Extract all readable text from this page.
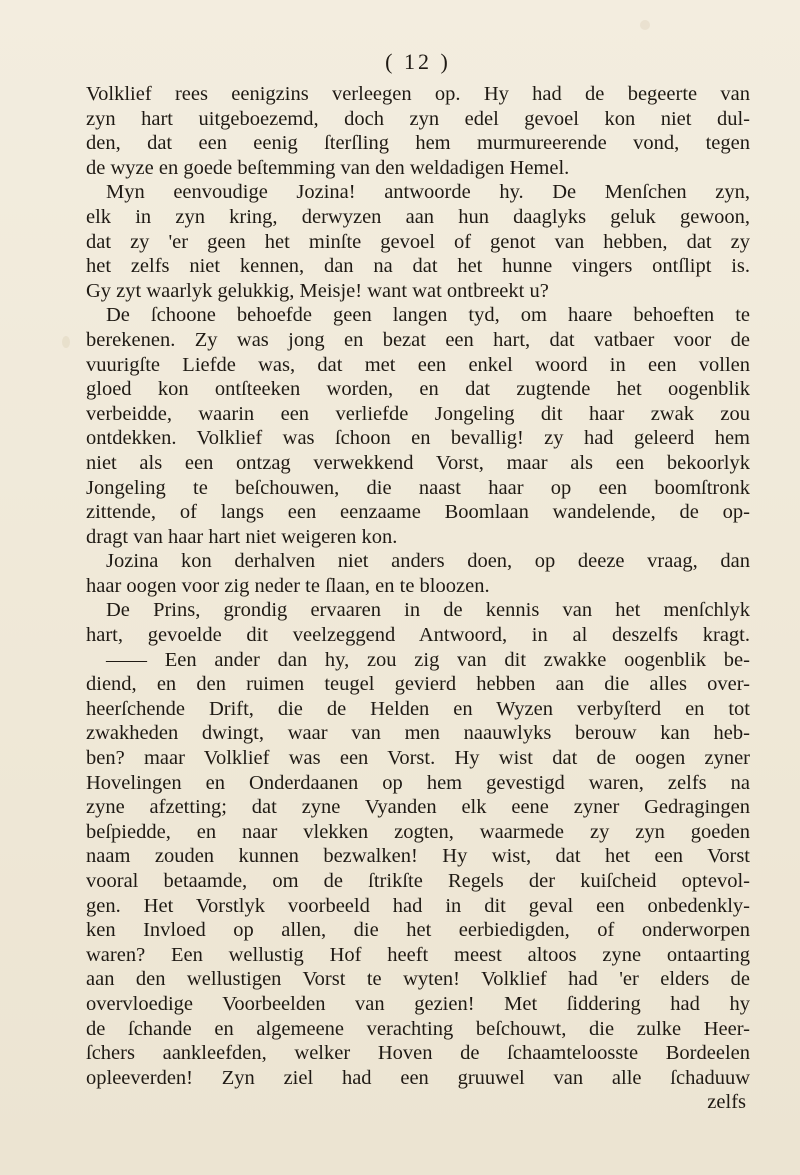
( 12 )
Volklief rees eenigzins verleegen op. Hy had de begeerte van
zyn hart uitgeboezemd, doch zyn edel gevoel kon niet dul-
den, dat een eenig ſterſling hem murmureerende vond, tegen
de wyze en goede beſtemming van den weldadigen Hemel.
Myn eenvoudige Jozina! antwoorde hy. De Menſchen zyn,
elk in zyn kring, derwyzen aan hun daaglyks geluk gewoon,
dat zy 'er geen het minſte gevoel of genot van hebben, dat zy
het zelfs niet kennen, dan na dat het hunne vingers ontſlipt is.
Gy zyt waarlyk gelukkig, Meisje! want wat ontbreekt u?
De ſchoone behoefde geen langen tyd, om haare behoeften te
berekenen. Zy was jong en bezat een hart, dat vatbaer voor de
vuurigſte Liefde was, dat met een enkel woord in een vollen
gloed kon ontſteeken worden, en dat zugtende het oogenblik
verbeidde, waarin een verliefde Jongeling dit haar zwak zou
ontdekken. Volklief was ſchoon en bevallig! zy had geleerd hem
niet als een ontzag verwekkend Vorst, maar als een bekoorlyk
Jongeling te beſchouwen, die naast haar op een boomſtronk
zittende, of langs een eenzaame Boomlaan wandelende, de op-
dragt van haar hart niet weigeren kon.
Jozina kon derhalven niet anders doen, op deeze vraag, dan
haar oogen voor zig neder te ſlaan, en te bloozen.
De Prins, grondig ervaaren in de kennis van het menſchlyk
hart, gevoelde dit veelzeggend Antwoord, in al deszelfs kragt.
—— Een ander dan hy, zou zig van dit zwakke oogenblik be-
diend, en den ruimen teugel gevierd hebben aan die alles over-
heerſchende Drift, die de Helden en Wyzen verbyſterd en tot
zwakheden dwingt, waar van men naauwlyks berouw kan heb-
ben? maar Volklief was een Vorst. Hy wist dat de oogen zyner
Hovelingen en Onderdaanen op hem gevestigd waren, zelfs na
zyne afzetting; dat zyne Vyanden elk eene zyner Gedragingen
beſpiedde, en naar vlekken zogten, waarmede zy zyn goeden
naam zouden kunnen bezwalken! Hy wist, dat het een Vorst
vooral betaamde, om de ſtrikſte Regels der kuiſcheid optevol-
gen. Het Vorstlyk voorbeeld had in dit geval een onbedenkly-
ken Invloed op allen, die het eerbiedigden, of onderworpen
waren? Een wellustig Hof heeft meest altoos zyne ontaarting
aan den wellustigen Vorst te wyten! Volklief had 'er elders de
overvloedige Voorbeelden van gezien! Met ſiddering had hy
de ſchande en algemeene verachting beſchouwt, die zulke Heer-
ſchers aankleefden, welker Hoven de ſchaamteloosste Bordeelen
opleeverden! Zyn ziel had een gruuwel van alle ſchaduuw
zelfs
